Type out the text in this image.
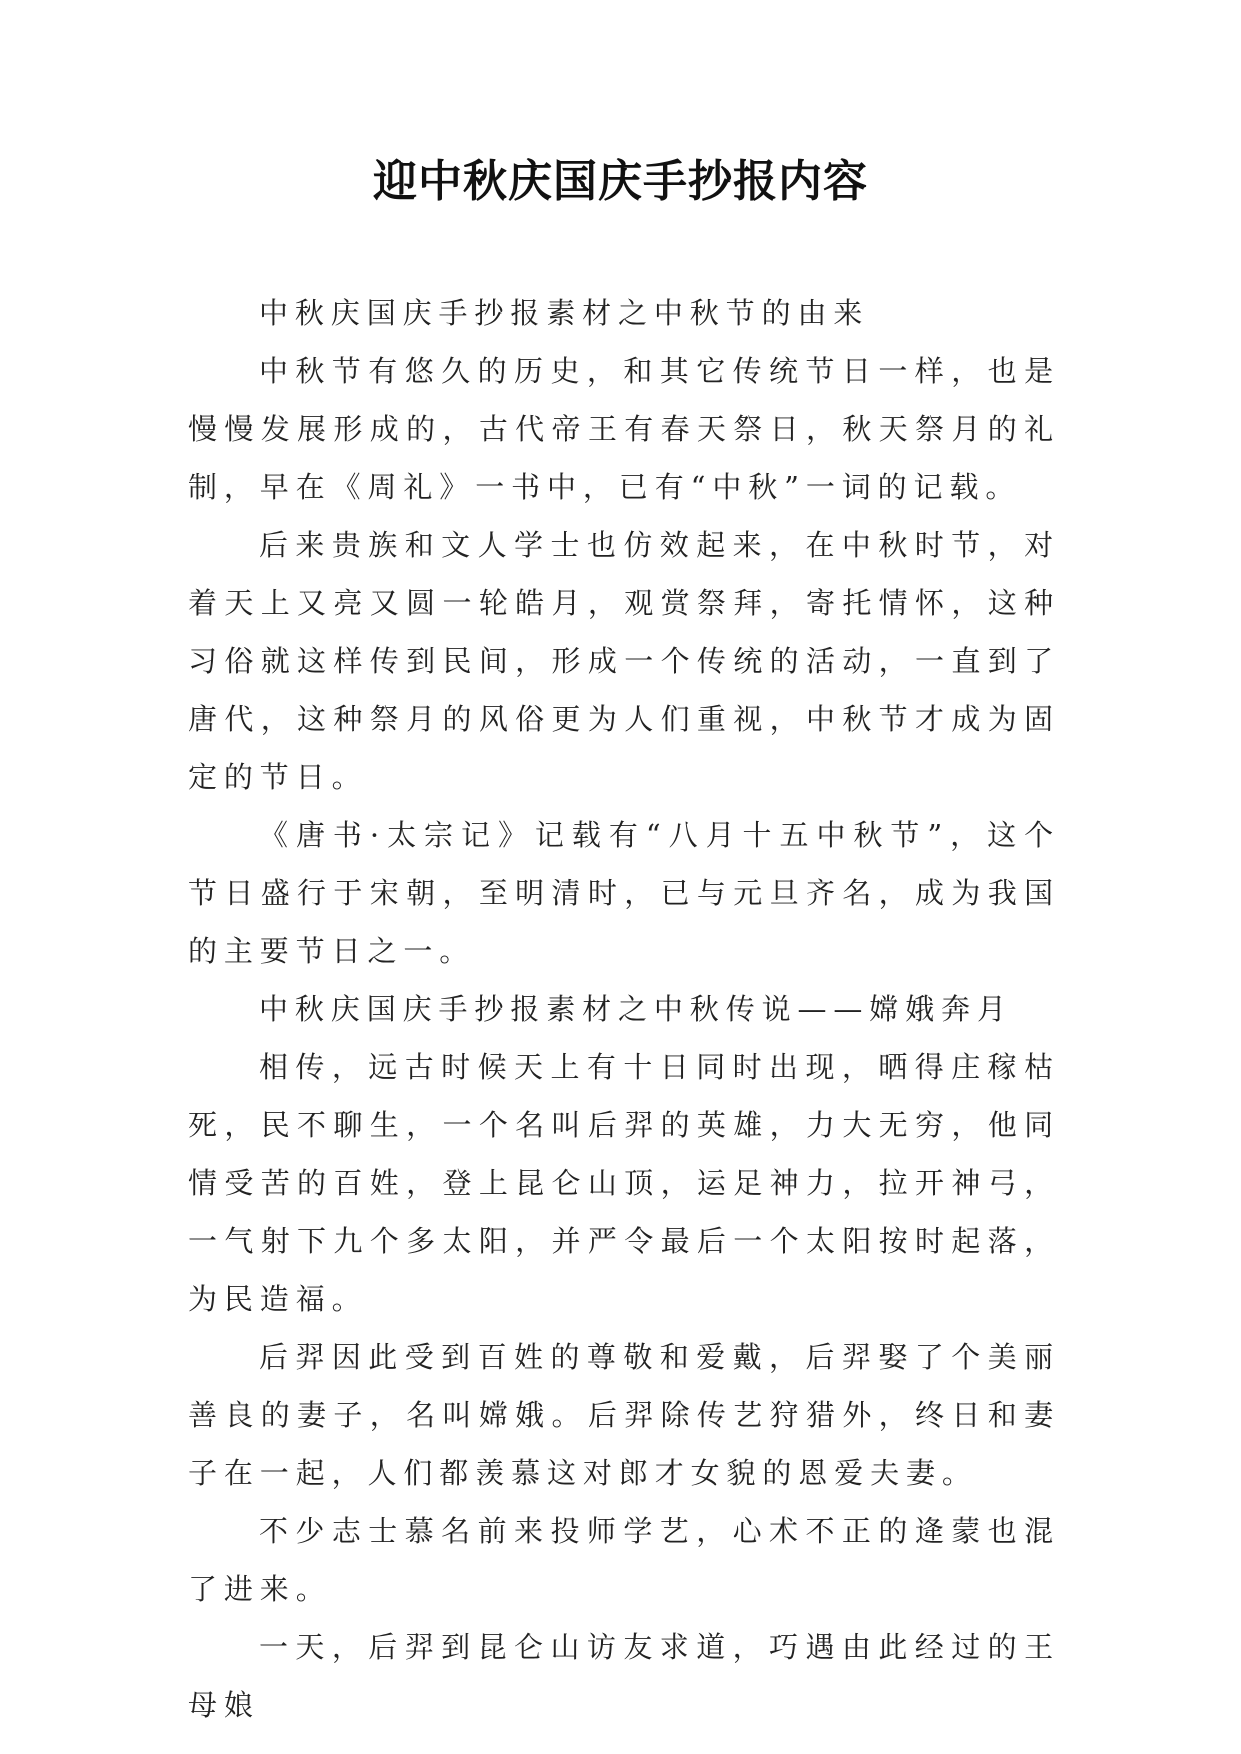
迎中秋庆国庆手抄报内容

中秋庆国庆手抄报素材之中秋节的由来

中秋节有悠久的历史，和其它传统节日一样，也是慢慢发展形成的，古代帝王有春天祭日，秋天祭月的礼制，早在《周礼》一书中，已有“中秋”一词的记载。

后来贵族和文人学士也仿效起来，在中秋时节，对着天上又亮又圆一轮皓月，观赏祭拜，寄托情怀，这种习俗就这样传到民间，形成一个传统的活动，一直到了唐代，这种祭月的风俗更为人们重视，中秋节才成为固定的节日。

《唐书·太宗记》记载有“八月十五中秋节”，这个节日盛行于宋朝，至明清时，已与元旦齐名，成为我国的主要节日之一。

中秋庆国庆手抄报素材之中秋传说——嫦娥奔月

相传，远古时候天上有十日同时出现，晒得庄稼枯死，民不聊生，一个名叫后羿的英雄，力大无穷，他同情受苦的百姓，登上昆仑山顶，运足神力，拉开神弓，一气射下九个多太阳，并严令最后一个太阳按时起落，为民造福。

后羿因此受到百姓的尊敬和爱戴，后羿娶了个美丽善良的妻子，名叫嫦娥。后羿除传艺狩猎外，终日和妻子在一起，人们都羡慕这对郎才女貌的恩爱夫妻。

不少志士慕名前来投师学艺，心术不正的逄蒙也混了进来。

一天，后羿到昆仑山访友求道，巧遇由此经过的王母娘
